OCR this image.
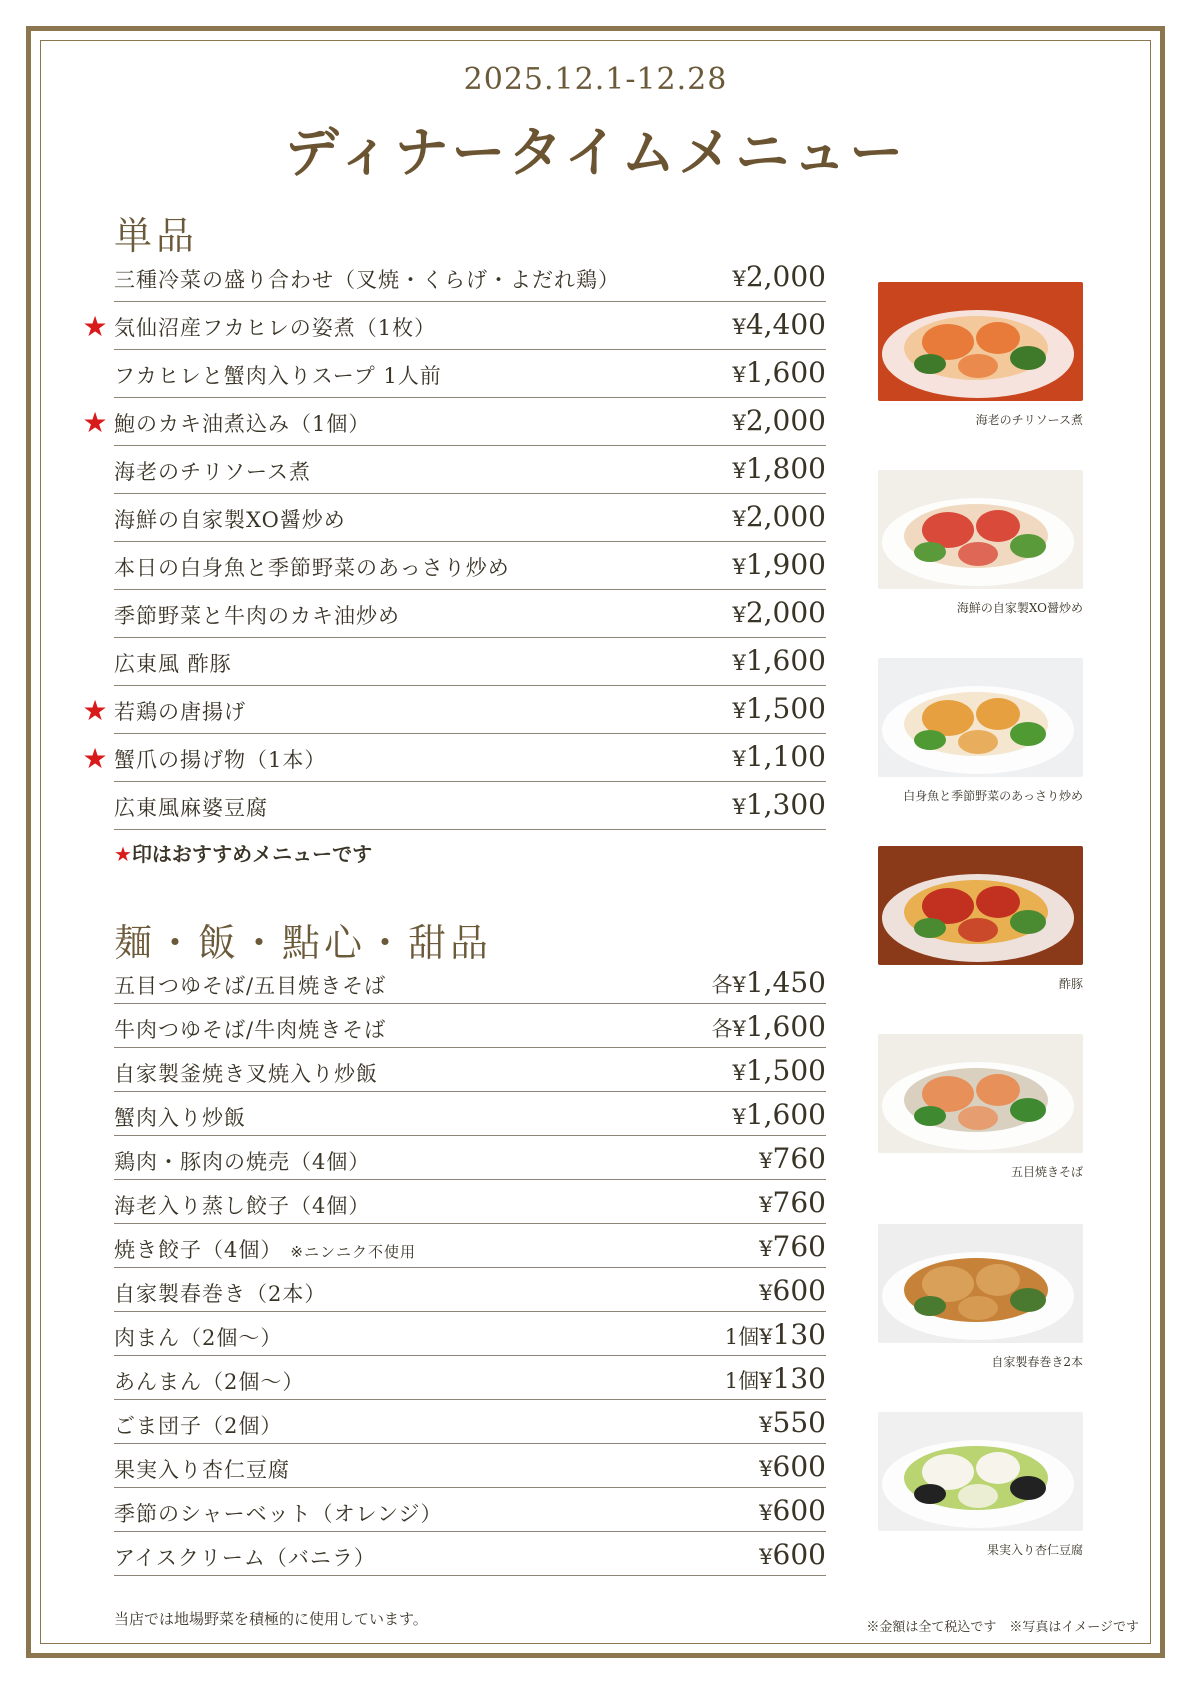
2025.12.1-12.28
ディナータイムメニュー
単品
三種冷菜の盛り合わせ（叉焼・くらげ・よだれ鶏）	¥2,000
★ 気仙沼産フカヒレの姿煮（1枚）	¥4,400
フカヒレと蟹肉入りスープ 1人前	¥1,600
★ 鮑のカキ油煮込み（1個）	¥2,000
海老のチリソース煮	¥1,800
海鮮の自家製XO醤炒め	¥2,000
本日の白身魚と季節野菜のあっさり炒め	¥1,900
季節野菜と牛肉のカキ油炒め	¥2,000
広東風 酢豚	¥1,600
★ 若鶏の唐揚げ	¥1,500
★ 蟹爪の揚げ物（1本）	¥1,100
広東風麻婆豆腐	¥1,300
★印はおすすめメニューです
麺・飯・點心・甜品
五目つゆそば/五目焼きそば	各¥1,450
牛肉つゆそば/牛肉焼きそば	各¥1,600
自家製釜焼き叉焼入り炒飯	¥1,500
蟹肉入り炒飯	¥1,600
鶏肉・豚肉の焼売（4個）	¥760
海老入り蒸し餃子（4個）	¥760
焼き餃子（4個） ※ニンニク不使用	¥760
自家製春巻き（2本）	¥600
肉まん（2個～）	1個¥130
あんまん（2個～）	1個¥130
ごま団子（2個）	¥550
果実入り杏仁豆腐	¥600
季節のシャーベット（オレンジ）	¥600
アイスクリーム（バニラ）	¥600
海老のチリソース煮
海鮮の自家製XO醤炒め
白身魚と季節野菜のあっさり炒め
酢豚
五目焼きそば
自家製春巻き2本
果実入り杏仁豆腐
当店では地場野菜を積極的に使用しています。	※金額は全て税込です　※写真はイメージです
